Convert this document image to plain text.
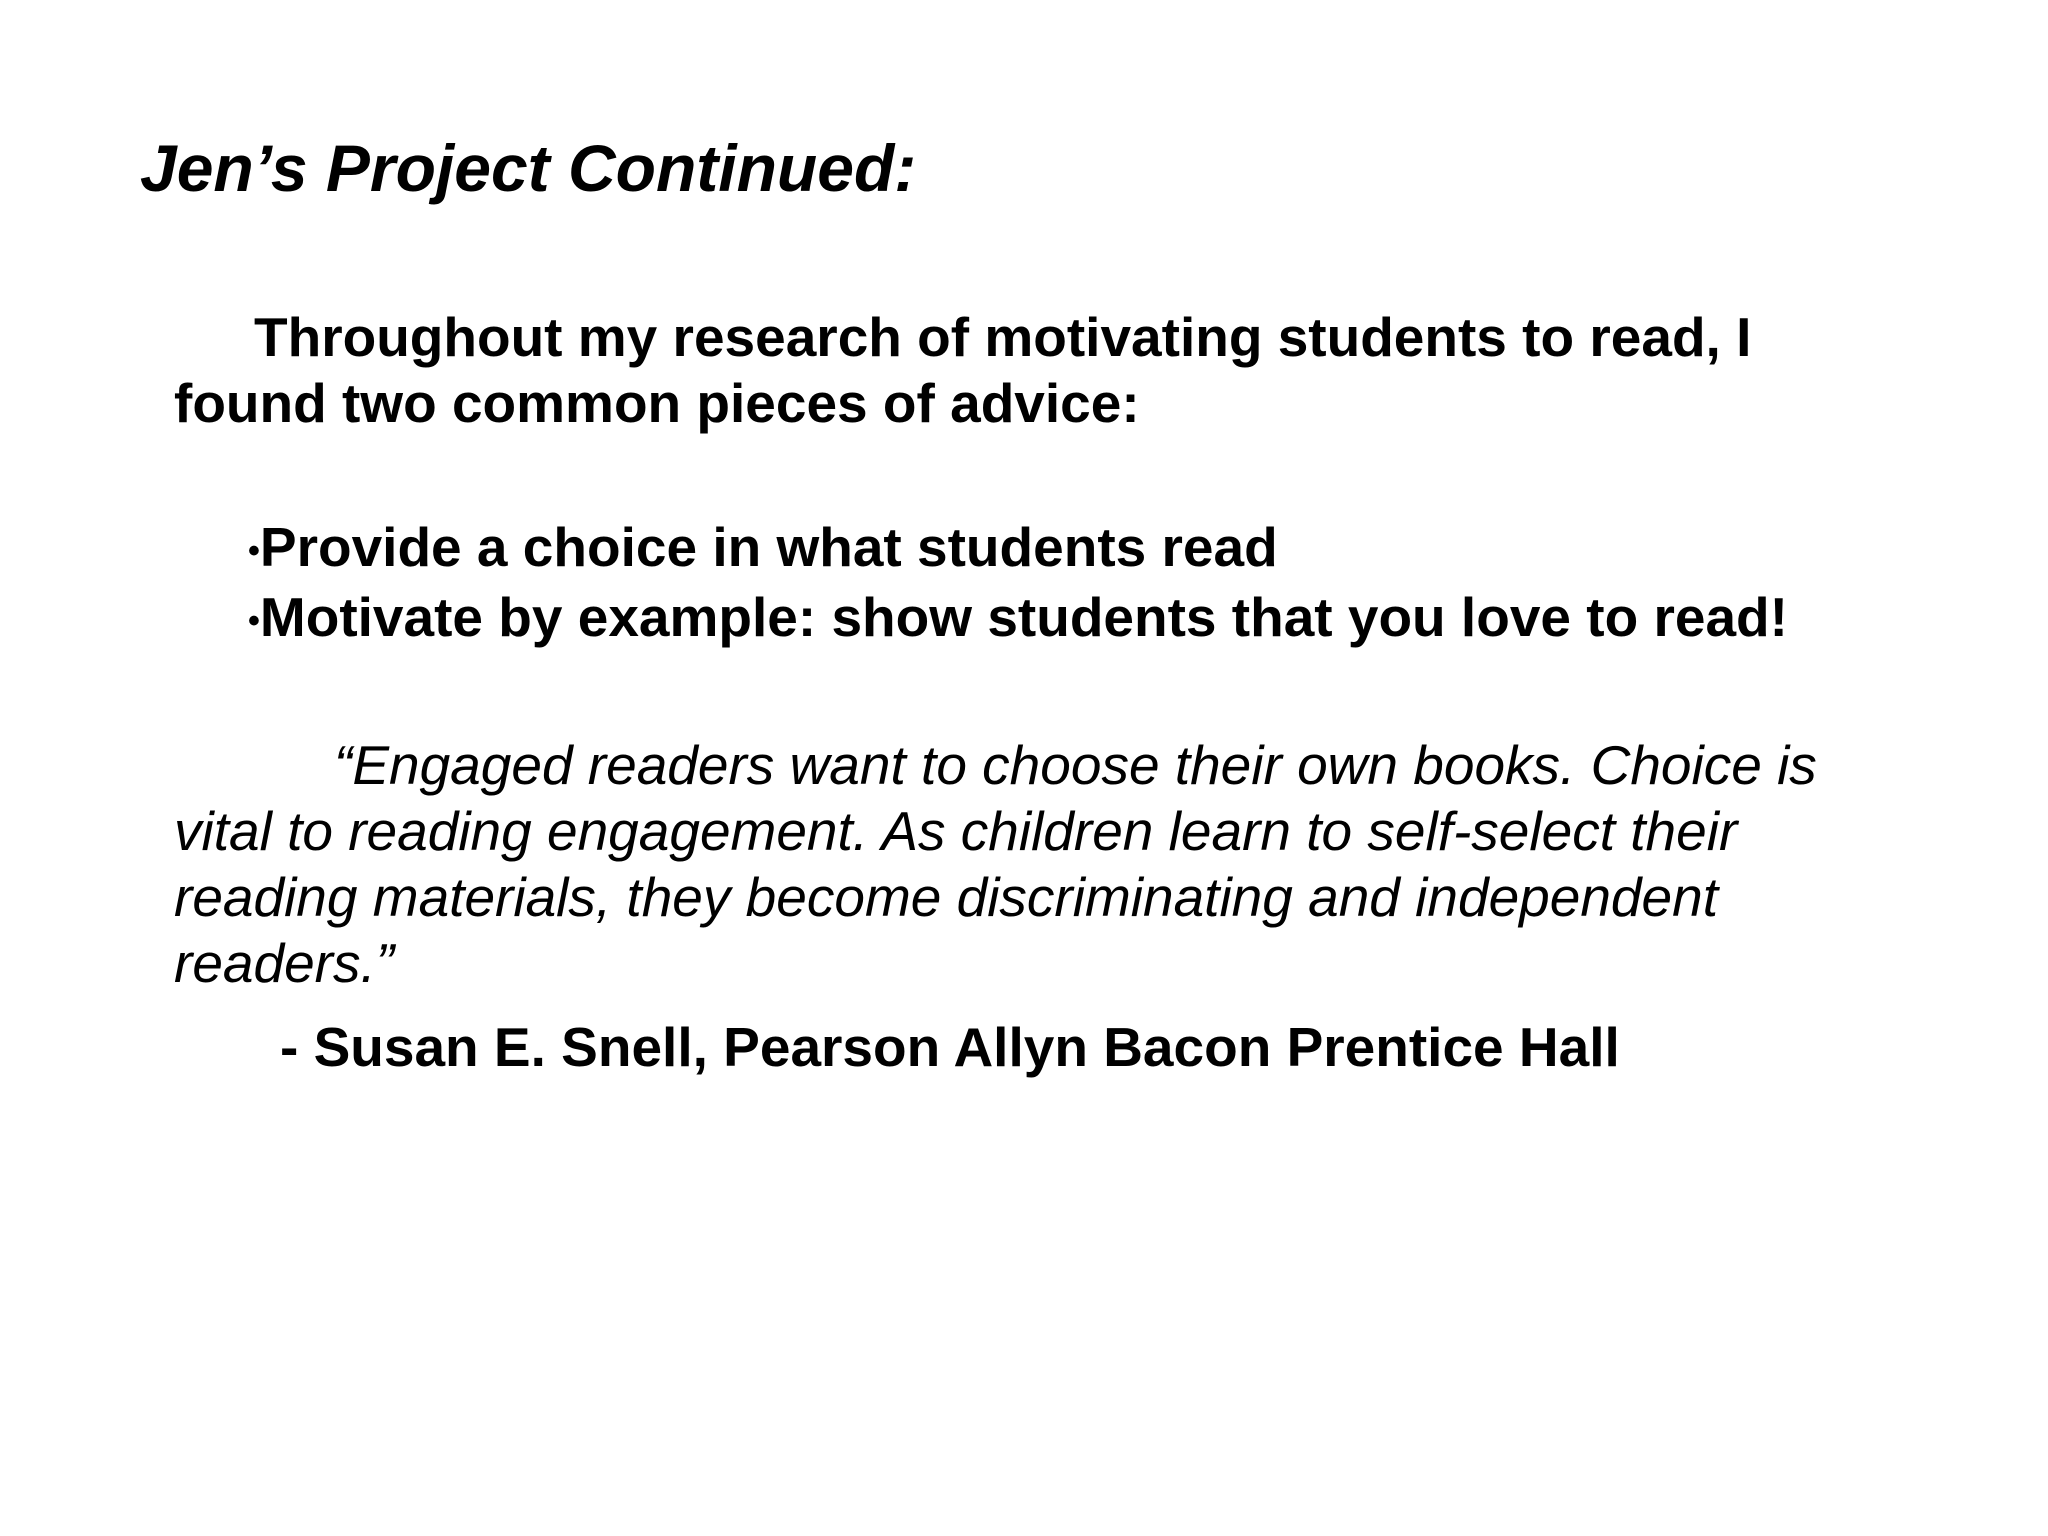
Jen’s Project Continued:

Throughout my research of motivating students to read, I found two common pieces of advice:

•Provide a choice in what students read
•Motivate by example: show students that you love to read!

“Engaged readers want to choose their own books. Choice is vital to reading engagement. As children learn to self-select their reading materials, they become discriminating and independent readers.”

- Susan E. Snell, Pearson Allyn Bacon Prentice Hall
